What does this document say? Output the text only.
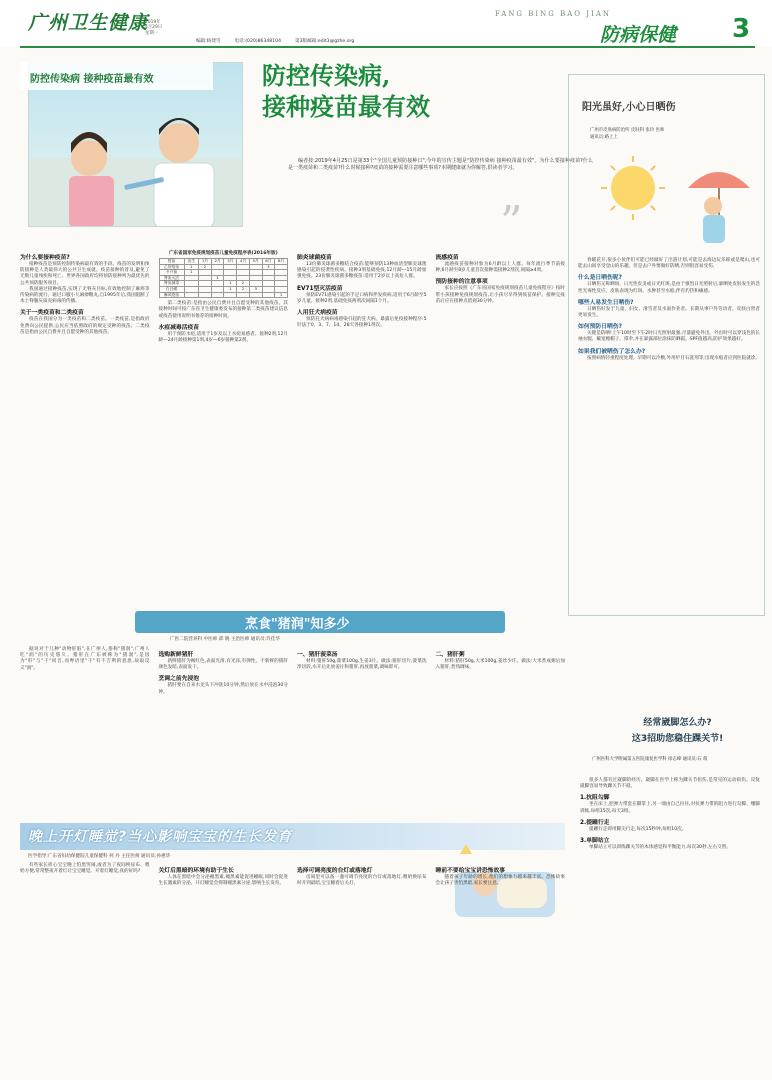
广州卫生健康
2019年
4月29日
星期一
FANG BING BAO JIAN
防病保健 3
编辑:杨建雪	电话:(020)86348104	第3版邮箱:edit3@gzhe.org
防控传染病 接种疫苗最有效	防控传染病,
接种疫苗最有效
编者按:2019年4月25日是第33个"全国儿童预防接种日",今年的宣传主题是"防控传染病 接种疫苗最有效"。为什么要接种疫苗?什么是一类疫苗和二类疫苗?什么时候接种?疫苗的接种需要注意哪些事项?本期健康就为你解答,供读者学习。
”
阳光虽好,小心日晒伤
广州市皮肤病防治所 皮肤科 张玲 医师
通讯员:路上上

春暖花开,很多小伙伴们可能已经做好了出游计划,可能是去海边玩乐抑或是爬山,也可能去山间享受登山的乐趣。但是去户外要做好防晒,否则很容易受伤。

什么是日晒伤呢?

日晒伤又称晒斑、日光性皮炎或日光红斑,是由于强烈日光照射后,暴晒处皮肤发生的急性光毒性反应。皮肤表现为红斑、水肿甚至水疱,伴有灼热和痛感。

哪些人易发生日晒伤?

日晒伤好发于儿童、妇女、滑雪者及水面作业者。长期从事户外劳动者。皮肤白皙者更易发生。

如何预防日晒伤?

关键是防晒!上午10时至下午2时日光照射最强,尽量避免外出。外出时可以穿浅色的长袖衣服、戴宽檐帽子、撑伞,并在暴露部位涂抹防晒霜。SPF值越高,防护效果越好。

如果我们被晒伤了怎么办?

按照病情轻重程度处理。早期可以冷敷,外用炉甘石洗剂等;出现水疱者应到医院就诊。

为什么要接种疫苗?

接种疫苗是预防控制传染病最有效的手段。疫苗的发明和预防接种是人类最伟大的公共卫生成就。疫苗接种的普及,避免了无数儿童残疾和死亡。世界各国政府均将预防接种列为最优先的公共预防服务项目。

我国通过接种疫苗,实现了无脊灰目标,有效地控制了麻疹等传染病的流行。通过口服小儿麻痹糖丸,自1995年后,我国阻断了本土脊髓灰质炎病毒的传播。

关于一类疫苗和二类疫苗

疫苗在我国分为一类疫苗和二类疫苗。一类疫苗,是指政府免费向公民提供,公民应当依照政府的规定受种的疫苗。二类疫苗是指由公民自费并且自愿受种的其他疫苗。

广东省国家免疫规划疫苗儿童免疫程序表(2016年版)
疫苗	出生	1月	2月	3月	4月	5月	6月	8月
乙肝疫苗	1	2					3	
卡介苗	1							
脊灰灭活			1					
脊灰减毒				1	2			
百白破				1	2	3		
麻风疫苗								1

第二类疫苗:是指由公民自费并且自愿受种的其他疫苗。其接种时间可按广东省卫生健康委发布的接种第二类疫苗建议信息或疫苗使用说明书推荐的接种时间。

水痘减毒活疫苗

用于预防水痘,适用于1岁及以上水痘易感者。接种2剂,12月龄—24月龄接种第1剂,4岁—6岁接种第2剂。

肺炎球菌疫苗

13价肺炎球菌多糖结合疫苗:能够预防13种血清型肺炎球菌感染引起的侵袭性疾病。接种3剂基础免疫,12月龄—15月龄加强免疫。23价肺炎球菌多糖疫苗:适用于2岁以上高危人群。

EV71型灭活疫苗

预防EV71感染引起的手足口病和伴发疾病,适用于6月龄至5岁儿童。接种2剂,基础免疫两剂次间隔1个月。

人用狂犬病疫苗

预防狂犬病病毒感染引起的狂犬病。暴露后免疫接种程序:5针法于0、3、7、14、28天各接种1剂次。

流感疫苗

流感疫苗接种对象为6月龄以上人群。每年流行季节前接种,6月龄至8岁儿童首次接种需接种2剂次,间隔≥4周。

预防接种的注意事项

家长应按照《广东省国家免疫规划疫苗儿童免疫程序》按时带小孩接种免疫规划疫苗,让小孩尽早得到疫苗保护。接种完疫苗后应在接种点留观30分钟。

烹食"猪润"知多少
广医二院营养科 中医师 邱 晓 主治医师 通讯员:许佳华

据说对于几种"动物肝脏",在广州人,俗称"猪润",广州人吃"润"的历史悠久。猪肝在广东被称为"猪润",是因为"肝"与"干"同音,而粤语里"干"有不吉利的意思,故取反义"润"。

选购新鲜猪肝

新鲜猪肝为褐红色,表面光滑,有光泽,有弹性。不新鲜的猪肝颜色发暗,表面发干。

烹调之前先浸泡

猪肝要在自来水龙头下冲洗10分钟,然后放在水中浸泡30分钟。

一、猪肝菠菜汤

材料:猪肝50g,菠菜100g,生姜3片。做法:猪肝切片,菠菜洗净切段,水开后先放姜片和猪肝,再放菠菜,调味即可。

二、猪肝粥

材料:猪肝50g,大米100g,姜丝少许。做法:大米煮成粥后加入猪肝,煮熟调味。

晚上开灯睡觉?当心影响宝宝的生长发育
医学指导:广东省妇幼保健院儿童保健科 何 丹 主任医师 通讯员:孙惠华

有些家长担心宝宝晚上怕黑哭闹,或者为了夜间换尿布、喂奶方便,常常整夜开着灯让宝宝睡觉。开着灯睡觉,真的好吗?	关灯后黑暗的环境有助于生长

人体在黑暗中会分泌褪黑素,褪黑素能促进睡眠,同时会促进生长激素的分泌。开灯睡觉会抑制褪黑素分泌,影响生长发育。

选择可调亮度的台灯或落地灯

房间里可以备一盏可调节亮度的台灯或落地灯,喂奶换尿布时开到最暗,宝宝睡着后关灯。

睡前不要给宝宝讲恐怖故事

随着孩子年龄的增长,他们的想象力越来越丰富。恐怖故事会让孩子害怕黑暗,家长要注意。

经常崴脚怎么办?
这3招助您稳住踝关节!
广州医科大学附属第五医院康复医学科 徐志峰 通讯员:石 萌

很多人都有过崴脚的经历。崴脚在医学上称为踝关节扭伤,是常见的运动损伤。反复崴脚容易导致踝关节不稳。

1.抗阻勾脚

坐在床上,把弹力带套在脚掌上,另一端由自己拉住,对抗弹力带的阻力进行勾脚、绷脚训练,每组15次,每天3组。

2.提踵行走

提踵行走即用脚尖行走,每次15秒钟,每组10次。

3.单脚站立

单脚站立可以训练踝关节的本体感觉和平衡能力,每次30秒,左右交替。
